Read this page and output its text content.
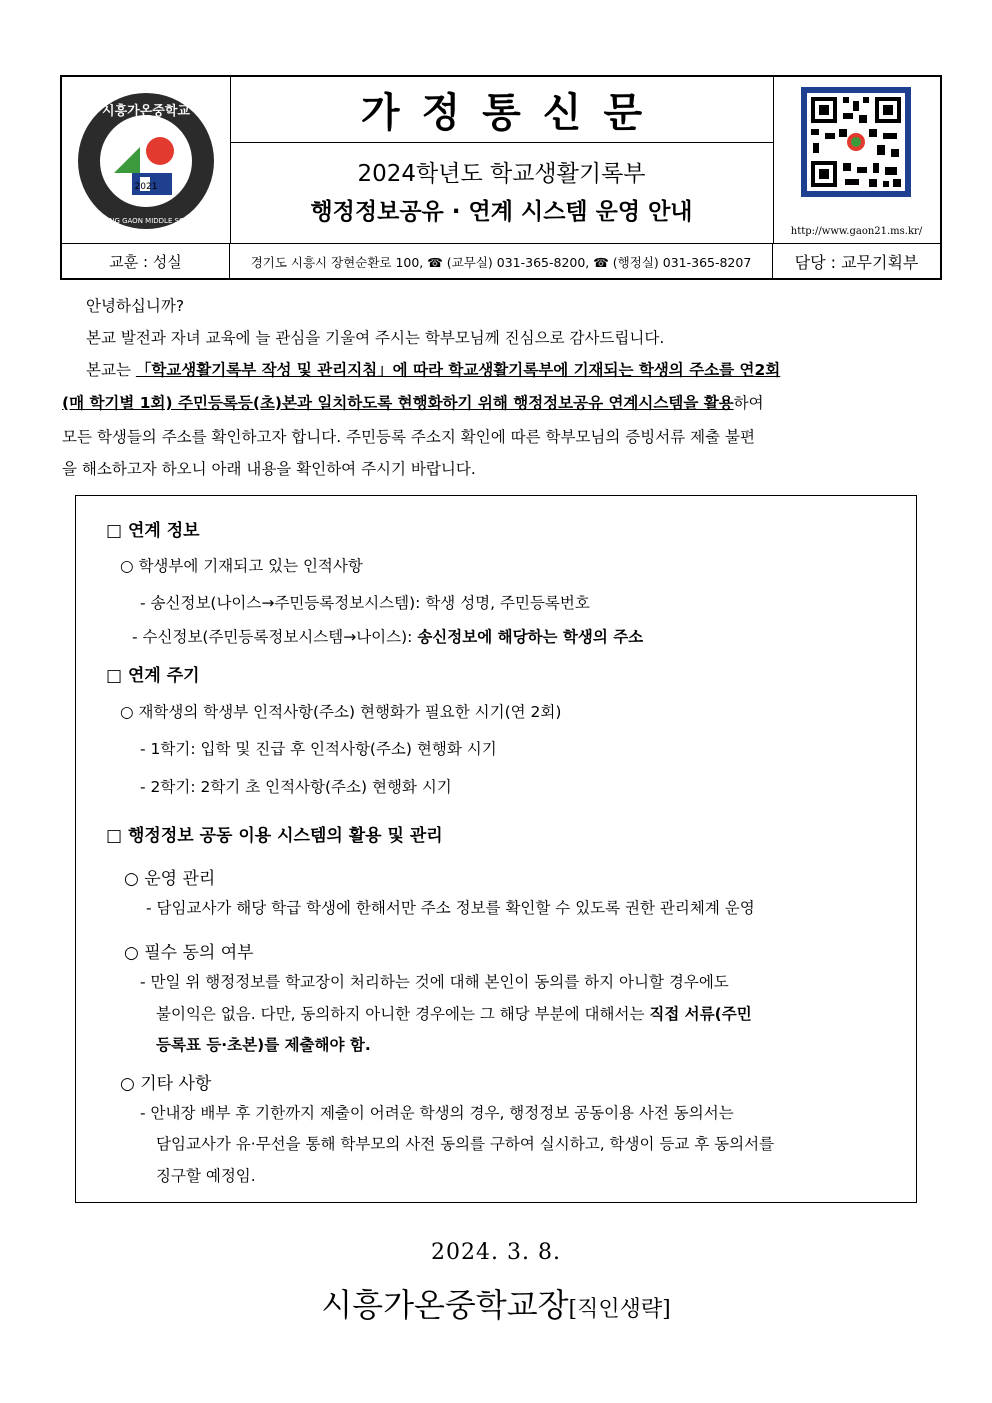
2021
시흥가온중학교
SIHEUNG GAON MIDDLE SCHOOL
가정통신문
2024학년도 학교생활기록부
행정정보공유 · 연계 시스템 운영 안내
http://www.gaon21.ms.kr/
교훈 : 성실	경기도 시흥시 장현순환로 100, ☎ (교무실) 031-365-8200, ☎ (행정실) 031-365-8207	담당 : 교무기획부
안녕하십니까?
본교 발전과 자녀 교육에 늘 관심을 기울여 주시는 학부모님께 진심으로 감사드립니다.
본교는 「학교생활기록부 작성 및 관리지침」에 따라 학교생활기록부에 기재되는 학생의 주소를 연2회
(매 학기별 1회) 주민등록등(초)본과 일치하도록 현행화하기 위해 행정정보공유 연계시스템을 활용하여
모든 학생들의 주소를 확인하고자 합니다. 주민등록 주소지 확인에 따른 학부모님의 증빙서류 제출 불편
을 해소하고자 하오니 아래 내용을 확인하여 주시기 바랍니다.
□ 연계 정보
○ 학생부에 기재되고 있는 인적사항
- 송신정보(나이스→주민등록정보시스템): 학생 성명, 주민등록번호
- 수신정보(주민등록정보시스템→나이스): 송신정보에 해당하는 학생의 주소
□ 연계 주기
○ 재학생의 학생부 인적사항(주소) 현행화가 필요한 시기(연 2회)
- 1학기: 입학 및 진급 후 인적사항(주소) 현행화 시기
- 2학기: 2학기 초 인적사항(주소) 현행화 시기
□ 행정정보 공동 이용 시스템의 활용 및 관리
○ 운영 관리
- 담임교사가 해당 학급 학생에 한해서만 주소 정보를 확인할 수 있도록 권한 관리체계 운영
○ 필수 동의 여부
- 만일 위 행정정보를 학교장이 처리하는 것에 대해 본인이 동의를 하지 아니할 경우에도
불이익은 없음. 다만, 동의하지 아니한 경우에는 그 해당 부분에 대해서는 직접 서류(주민
등록표 등·초본)를 제출해야 함.
○ 기타 사항
- 안내장 배부 후 기한까지 제출이 어려운 학생의 경우, 행정정보 공동이용 사전 동의서는
담임교사가 유·무선을 통해 학부모의 사전 동의를 구하여 실시하고, 학생이 등교 후 동의서를
징구할 예정임.
2024. 3. 8.
시흥가온중학교장[직인생략]
